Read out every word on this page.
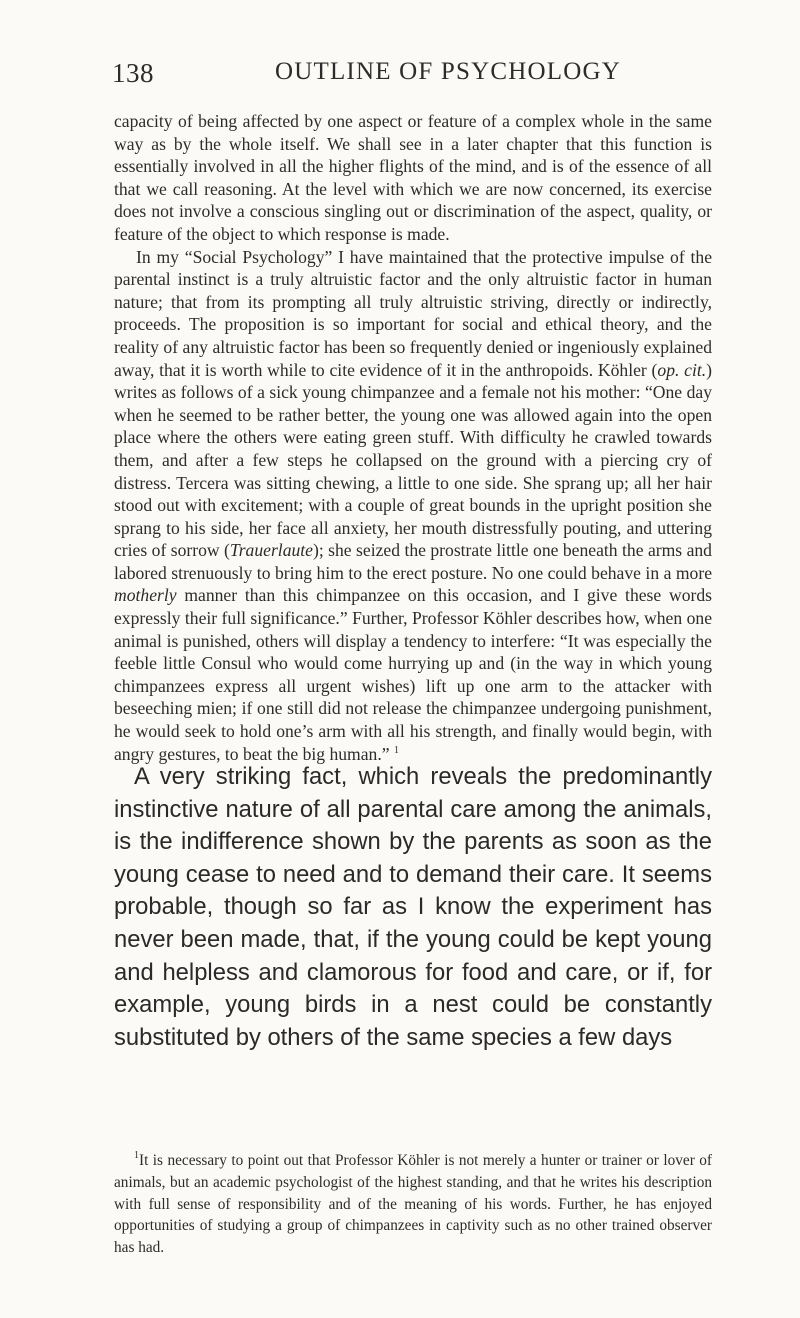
138	OUTLINE OF PSYCHOLOGY

capacity of being affected by one aspect or feature of a complex whole in the same way as by the whole itself. We shall see in a later chapter that this function is essentially involved in all the higher flights of the mind, and is of the essence of all that we call reasoning. At the level with which we are now concerned, its exercise does not involve a conscious singling out or discrimination of the aspect, quality, or feature of the object to which response is made.

In my “Social Psychology” I have maintained that the protective impulse of the parental instinct is a truly altruistic factor and the only altruistic factor in human nature; that from its prompting all truly altruistic striving, directly or indirectly, proceeds. The proposition is so important for social and ethical theory, and the reality of any altruistic factor has been so frequently denied or ingeniously explained away, that it is worth while to cite evidence of it in the anthropoids. Köhler (op. cit.) writes as follows of a sick young chimpanzee and a female not his mother: “One day when he seemed to be rather better, the young one was allowed again into the open place where the others were eating green stuff. With difficulty he crawled towards them, and after a few steps he collapsed on the ground with a piercing cry of distress. Tercera was sitting chewing, a little to one side. She sprang up; all her hair stood out with excitement; with a couple of great bounds in the upright position she sprang to his side, her face all anxiety, her mouth distressfully pouting, and uttering cries of sorrow (Trauerlaute); she seized the prostrate little one beneath the arms and labored strenuously to bring him to the erect posture. No one could behave in a more motherly manner than this chimpanzee on this occasion, and I give these words expressly their full significance.” Further, Professor Köhler describes how, when one animal is punished, others will display a tendency to interfere: “It was especially the feeble little Consul who would come hurrying up and (in the way in which young chimpanzees express all urgent wishes) lift up one arm to the attacker with beseeching mien; if one still did not release the chimpanzee undergoing punishment, he would seek to hold one’s arm with all his strength, and finally would begin, with angry gestures, to beat the big human.” $^1$

A very striking fact, which reveals the predominantly instinctive nature of all parental care among the animals, is the indifference shown by the parents as soon as the young cease to need and to demand their care. It seems probable, though so far as I know the experiment has never been made, that, if the young could be kept young and helpless and clamorous for food and care, or if, for example, young birds in a nest could be constantly substituted by others of the same species a few days

$^1$It is necessary to point out that Professor Köhler is not merely a hunter or trainer or lover of animals, but an academic psychologist of the highest standing, and that he writes his description with full sense of responsibility and of the meaning of his words. Further, he has enjoyed opportunities of studying a group of chimpanzees in captivity such as no other trained observer has had.
